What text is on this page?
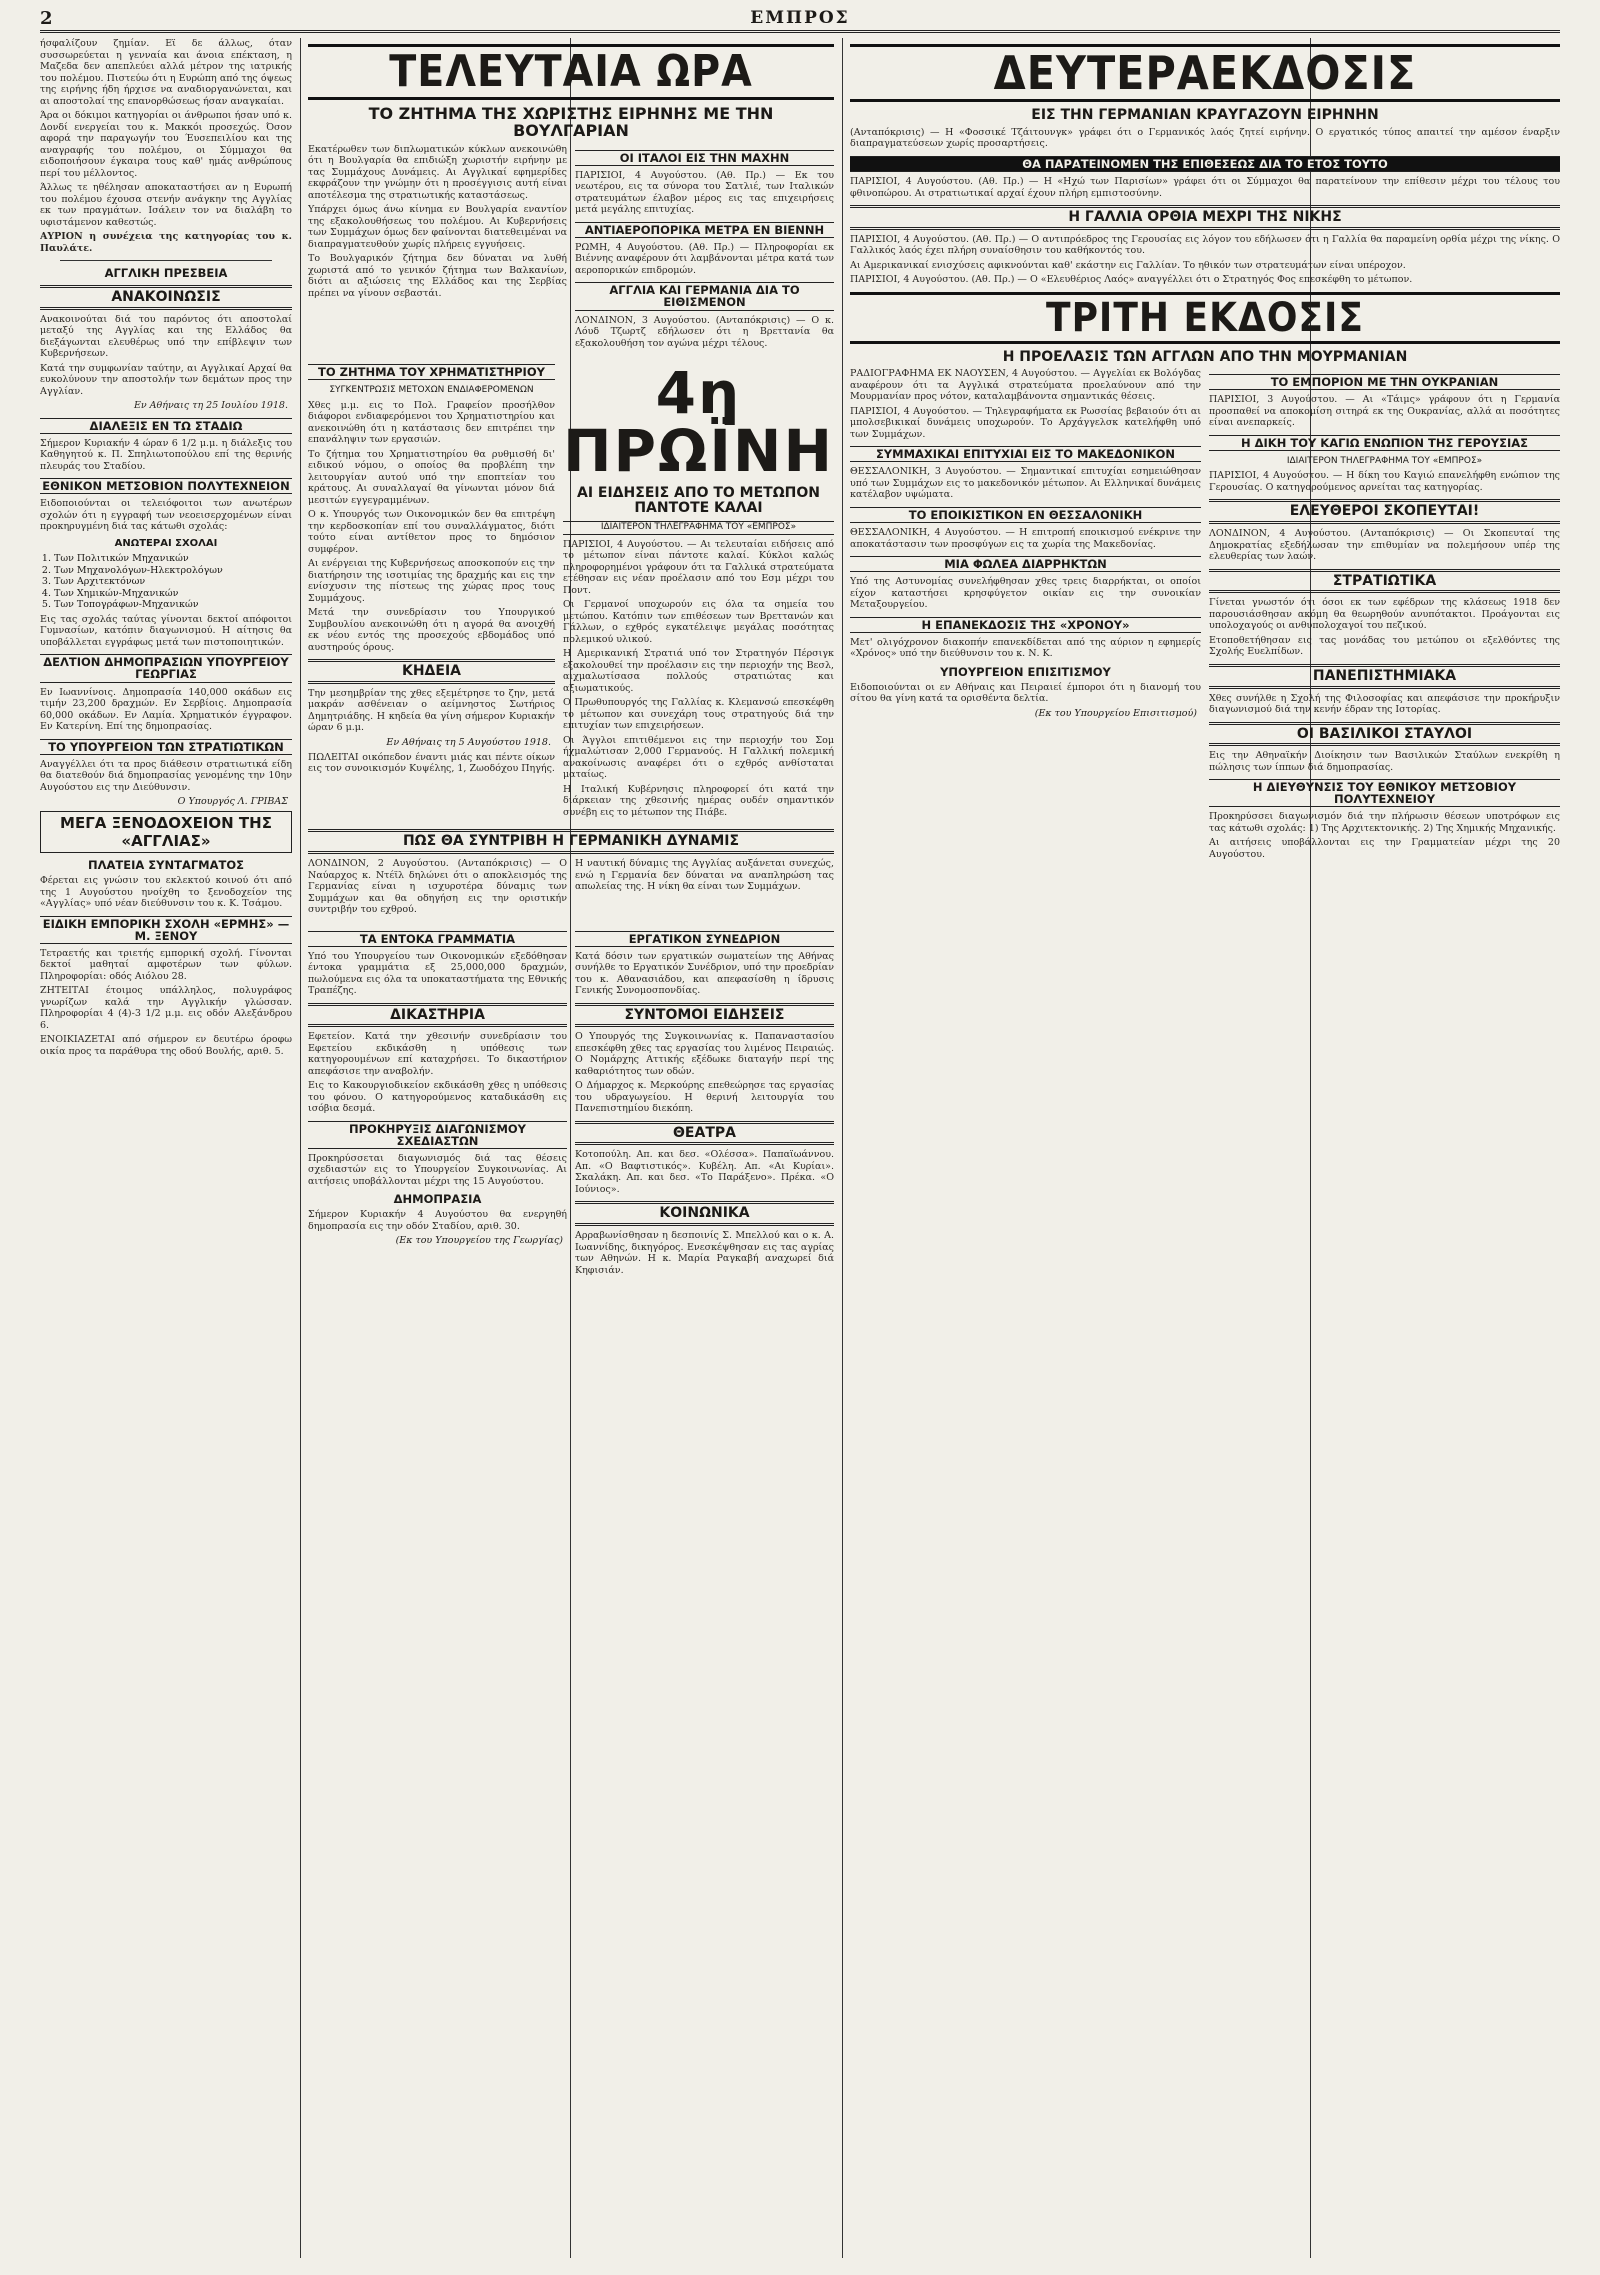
2	ΕΜΠΡΟΣ

ήσφαλίζουν ζημίαν. Εϊ δε άλλως, όταν συσσωρεύεται η γενναία και άνοια επέκταση, η Μαζεδα δεν απεπλεύει αλλά μέτρον της ιατρικής του πολέμου. Πιστεύω ότι η Ευρώπη από της όψεως της ειρήνης ήδη ήρχισε να αναδιοργανώνεται, και αι αποστολαί της επανορθώσεως ήσαν αναγκαίαι.

Άρα οι δόκιμοι κατηγορίαι οι άνθρωποι ήσαν υπό κ. Δονδί ενεργείαι του κ. Μακκόι προσεχώς. Όσον αφορά την παραγωγήν του Έυσεπειλίου και της αναγραφής του πολέμου, οι Σύμμαχοι θα ειδοποιήσουν έγκαιρα τους καθ' ημάς ανθρώπους περί του μέλλοντος.

Άλλως τε ηθέλησαν αποκαταστήσει αν η Ευρωπή του πολέμου έχουσα στενήν ανάγκην της Αγγλίας εκ των πραγμάτων. Ισάλειν τον να διαλάβη το υφιστάμενον καθεστώς.

ΑΥΡΙΟΝ η συνέχεια της κατηγορίας του κ. Παυλάτε.

ΑΓΓΛΙΚΗ ΠΡΕΣΒΕΙΑ
ΑΝΑΚΟΙΝΩΣΙΣ

Ανακοινούται διά του παρόντος ότι αποστολαί μεταξύ της Αγγλίας και της Ελλάδος θα διεξάγωνται ελευθέρως υπό την επίβλεψιν των Κυβερνήσεων.

Κατά την συμφωνίαν ταύτην, αι Αγγλικαί Αρχαί θα ευκολύνουν την αποστολήν των δεμάτων προς την Αγγλίαν.

Εν Αθήναις τη 25 Ιουλίου 1918.

ΔΙΑΛΕΞΙΣ ΕΝ ΤΩ ΣΤΑΔΙΩ

Σήμερον Κυριακήν 4 ώραν 6 1/2 μ.μ. η διάλεξις του Καθηγητού κ. Π. Σπηλιωτοπούλου επί της θερινής πλευράς του Σταδίου.

ΕΘΝΙΚΟΝ ΜΕΤΣΟΒΙΟΝ ΠΟΛΥΤΕΧΝΕΙΟΝ

Ειδοποιούνται οι τελειόφοιτοι των ανωτέρων σχολών ότι η εγγραφή των νεοεισερχομένων είναι προκηρυγμένη διά τας κάτωθι σχολάς:

ΑΝΩΤΕΡΑΙ ΣΧΟΛΑΙ
1. Των Πολιτικών Μηχανικών
2. Των Μηχανολόγων-Ηλεκτρολόγων
3. Των Αρχιτεκτόνων
4. Των Χημικών-Μηχανικών
5. Των Τοπογράφων-Μηχανικών

Εις τας σχολάς ταύτας γίνονται δεκτοί απόφοιτοι Γυμνασίων, κατόπιν διαγωνισμού. Η αίτησις θα υποβάλλεται εγγράφως μετά των πιστοποιητικών.

ΔΕΛΤΙΟΝ ΔΗΜΟΠΡΑΣΙΩΝ ΥΠΟΥΡΓΕΙΟΥ ΓΕΩΡΓΙΑΣ

Εν Ιωαννίνοις. Δημοπρασία 140,000 οκάδων εις τιμήν 23,200 δραχμών. Εν Σερβίοις. Δημοπρασία 60,000 οκάδων. Εν Λαμία. Χρηματικόν έγγραφον. Εν Κατερίνη. Επί της δημοπρασίας.

ΤΟ ΥΠΟΥΡΓΕΙΟΝ ΤΩΝ ΣΤΡΑΤΙΩΤΙΚΩΝ

Αναγγέλλει ότι τα προς διάθεσιν στρατιωτικά είδη θα διατεθούν διά δημοπρασίας γενομένης την 10ην Αυγούστου εις την Διεύθυνσιν.

Ο Υπουργός Λ. ΓΡΙΒΑΣ

ΜΕΓΑ ΞΕΝΟΔΟΧΕΙΟΝ ΤΗΣ «ΑΓΓΛΙΑΣ»
ΠΛΑΤΕΙΑ ΣΥΝΤΑΓΜΑΤΟΣ

Φέρεται εις γνώσιν του εκλεκτού κοινού ότι από της 1 Αυγούστου ηνοίχθη το ξενοδοχείον της «Αγγλίας» υπό νέαν διεύθυνσιν του κ. Κ. Τσάμου.

ΕΙΔΙΚΗ ΕΜΠΟΡΙΚΗ ΣΧΟΛΗ «ΕΡΜΗΣ» — Μ. ΞΕΝΟΥ

Τετραετής και τριετής εμπορική σχολή. Γίνονται δεκτοί μαθηταί αμφοτέρων των φύλων. Πληροφορίαι: οδός Αιόλου 28.

ΖΗΤΕΙΤΑΙ έτοιμος υπάλληλος, πολυγράφος γνωρίζων καλά την Αγγλικήν γλώσσαν. Πληροφορίαι 4 (4)-3 1/2 μ.μ. εις οδόν Αλεξάνδρου 6.

ΕΝΟΙΚΙΑΖΕΤΑΙ από σήμερον εν δευτέρω όροφω οικία προς τα παράθυρα της οδού Βουλής, αριθ. 5.

ΤΕΛΕΥΤΑΙΑ ΩΡΑ
ΤΟ ΖΗΤΗΜΑ ΤΗΣ ΧΩΡΙΣΤΗΣ ΕΙΡΗΝΗΣ ΜΕ ΤΗΝ ΒΟΥΛΓΑΡΙΑΝ

Εκατέρωθεν των διπλωματικών κύκλων ανεκοινώθη ότι η Βουλγαρία θα επιδιώξη χωριστήν ειρήνην με τας Συμμάχους Δυνάμεις. Αι Αγγλικαί εφημερίδες εκφράζουν την γνώμην ότι η προσέγγισις αυτή είναι αποτέλεσμα της στρατιωτικής καταστάσεως.

Υπάρχει όμως άνω κίνημα εν Βουλγαρία εναντίον της εξακολουθήσεως του πολέμου. Αι Κυβερνήσεις των Συμμάχων όμως δεν φαίνονται διατεθειμέναι να διαπραγματευθούν χωρίς πλήρεις εγγυήσεις.

Το Βουλγαρικόν ζήτημα δεν δύναται να λυθή χωριστά από το γενικόν ζήτημα των Βαλκανίων, διότι αι αξιώσεις της Ελλάδος και της Σερβίας πρέπει να γίνουν σεβαστάι.

ΟΙ ΙΤΑΛΟΙ ΕΙΣ ΤΗΝ ΜΑΧΗΝ

ΠΑΡΙΣΙΟΙ, 4 Αυγούστου. (Αθ. Πρ.) — Εκ του νεωτέρου, εις τα σύνορα του Σατλιέ, των Ιταλικών στρατευμάτων έλαβον μέρος εις τας επιχειρήσεις μετά μεγάλης επιτυχίας.

ΑΝΤΙΑΕΡΟΠΟΡΙΚΑ ΜΕΤΡΑ ΕΝ ΒΙΕΝΝΗ

ΡΩΜΗ, 4 Αυγούστου. (Αθ. Πρ.) — Πληροφορίαι εκ Βιέννης αναφέρουν ότι λαμβάνονται μέτρα κατά των αεροπορικών επιδρομών.

ΑΓΓΛΙΑ ΚΑΙ ΓΕΡΜΑΝΙΑ ΔΙΑ ΤΟ ΕΙΘΙΣΜΕΝΟΝ

ΛΟΝΔΙΝΟΝ, 3 Αυγούστου. (Ανταπόκρισις) — Ο κ. Λόυδ Τζωρτζ εδήλωσεν ότι η Βρεττανία θα εξακολουθήση τον αγώνα μέχρι τέλους.

ΤΟ ΖΗΤΗΜΑ ΤΟΥ ΧΡΗΜΑΤΙΣΤΗΡΙΟΥ
ΣΥΓΚΕΝΤΡΩΣΙΣ ΜΕΤΟΧΩΝ ΕΝΔΙΑΦΕΡΟΜΕΝΩΝ

Χθες μ.μ. εις το Πολ. Γραφείον προσήλθον διάφοροι ενδιαφερόμενοι του Χρηματιστηρίου και ανεκοινώθη ότι η κατάστασις δεν επιτρέπει την επανάληψιν των εργασιών.

Το ζήτημα του Χρηματιστηρίου θα ρυθμισθή δι' ειδικού νόμου, ο οποίος θα προβλέπη την λειτουργίαν αυτού υπό την εποπτείαν του κράτους. Αι συναλλαγαί θα γίνωνται μόνον διά μεσιτών εγγεγραμμένων.

Ο κ. Υπουργός των Οικονομικών δεν θα επιτρέψη την κερδοσκοπίαν επί του συναλλάγματος, διότι τούτο είναι αντίθετον προς το δημόσιον συμφέρον.

Αι ενέργειαι της Κυβερνήσεως αποσκοπούν εις την διατήρησιν της ισοτιμίας της δραχμής και εις την ενίσχυσιν της πίστεως της χώρας προς τους Συμμάχους.

Μετά την συνεδρίασιν του Υπουργικού Συμβουλίου ανεκοινώθη ότι η αγορά θα ανοιχθή εκ νέου εντός της προσεχούς εβδομάδος υπό αυστηρούς όρους.

ΚΗΔΕΙΑ

Την μεσημβρίαν της χθες εξεμέτρησε το ζην, μετά μακράν ασθένειαν ο αείμνηστος Σωτήριος Δημητριάδης. Η κηδεία θα γίνη σήμερον Κυριακήν ώραν 6 μ.μ.

Εν Αθήναις τη 5 Αυγούστου 1918.

ΠΩΛΕΙΤΑΙ οικόπεδον έναντι μιάς και πέντε οίκων εις τον συνοικισμόν Κυψέλης, 1, Ζωοδόχου Πηγής.

4η ΠΡΩΪΝΗ
ΑΙ ΕΙΔΗΣΕΙΣ ΑΠΟ ΤΟ ΜΕΤΩΠΟΝ ΠΑΝΤΟΤΕ ΚΑΛΑΙ
ΙΔΙΑΙΤΕΡΟΝ ΤΗΛΕΓΡΑΦΗΜΑ ΤΟΥ «ΕΜΠΡΟΣ»

ΠΑΡΙΣΙΟΙ, 4 Αυγούστου. — Αι τελευταίαι ειδήσεις από το μέτωπον είναι πάντοτε καλαί. Κύκλοι καλώς πληροφορημένοι γράφουν ότι τα Γαλλικά στρατεύματα ετέθησαν εις νέαν προέλασιν από του Εσμ μέχρι του Ποντ.

Οι Γερμανοί υποχωρούν εις όλα τα σημεία του μετώπου. Κατόπιν των επιθέσεων των Βρεττανών και Γάλλων, ο εχθρός εγκατέλειψε μεγάλας ποσότητας πολεμικού υλικού.

Η Αμερικανική Στρατιά υπό τον Στρατηγόν Πέρσιγκ εξακολουθεί την προέλασιν εις την περιοχήν της Βεσλ, αιχμαλωτίσασα πολλούς στρατιώτας και αξιωματικούς.

Ο Πρωθυπουργός της Γαλλίας κ. Κλεμανσώ επεσκέφθη το μέτωπον και συνεχάρη τους στρατηγούς διά την επιτυχίαν των επιχειρήσεων.

Οι Άγγλοι επιτιθέμενοι εις την περιοχήν του Σομ ήχμαλώτισαν 2,000 Γερμανούς. Η Γαλλική πολεμική ανακοίνωσις αναφέρει ότι ο εχθρός ανθίσταται ματαίως.

Η Ιταλική Κυβέρνησις πληροφορεί ότι κατά την διάρκειαν της χθεσινής ημέρας ουδέν σημαντικόν συνέβη εις το μέτωπον της Πιάβε.

ΠΩΣ ΘΑ ΣΥΝΤΡΙΒΗ Η ΓΕΡΜΑΝΙΚΗ ΔΥΝΑΜΙΣ

ΛΟΝΔΙΝΟΝ, 2 Αυγούστου. (Ανταπόκρισις) — Ο Ναύαρχος κ. Ντέϊλ δηλώνει ότι ο αποκλεισμός της Γερμανίας είναι η ισχυροτέρα δύναμις των Συμμάχων και θα οδηγήση εις την οριστικήν συντριβήν του εχθρού.

Η ναυτική δύναμις της Αγγλίας αυξάνεται συνεχώς, ενώ η Γερμανία δεν δύναται να αναπληρώση τας απωλείας της. Η νίκη θα είναι των Συμμάχων.

ΤΑ ΕΝΤΟΚΑ ΓΡΑΜΜΑΤΙΑ

Υπό του Υπουργείου των Οικονομικών εξεδόθησαν έντοκα γραμμάτια εξ 25,000,000 δραχμών, πωλούμενα εις όλα τα υποκαταστήματα της Εθνικής Τραπέζης.

ΔΙΚΑΣΤΗΡΙΑ

Εφετείον. Κατά την χθεσινήν συνεδρίασιν του Εφετείου εκδικάσθη η υπόθεσις των κατηγορουμένων επί καταχρήσει. Το δικαστήριον απεφάσισε την αναβολήν.

Εις το Κακουργιοδικείον εκδικάσθη χθες η υπόθεσις του φόνου. Ο κατηγορούμενος καταδικάσθη εις ισόβια δεσμά.

ΠΡΟΚΗΡΥΞΙΣ ΔΙΑΓΩΝΙΣΜΟΥ ΣΧΕΔΙΑΣΤΩΝ

Προκηρύσσεται διαγωνισμός διά τας θέσεις σχεδιαστών εις το Υπουργείον Συγκοινωνίας. Αι αιτήσεις υποβάλλονται μέχρι της 15 Αυγούστου.

ΔΗΜΟΠΡΑΣΙΑ

Σήμερον Κυριακήν 4 Αυγούστου θα ενεργηθή δημοπρασία εις την οδόν Σταδίου, αριθ. 30.

(Εκ του Υπουργείου της Γεωργίας)

ΕΡΓΑΤΙΚΟΝ ΣΥΝΕΔΡΙΟΝ

Κατά δόσιν των εργατικών σωματείων της Αθήνας συνήλθε το Εργατικόν Συνέδριον, υπό την προεδρίαν του κ. Αθανασιάδου, και απεφασίσθη η ίδρυσις Γενικής Συνομοσπονδίας.

ΣΥΝΤΟΜΟΙ ΕΙΔΗΣΕΙΣ

Ο Υπουργός της Συγκοινωνίας κ. Παπαναστασίου επεσκέφθη χθες τας εργασίας του λιμένος Πειραιώς. Ο Νομάρχης Αττικής εξέδωκε διαταγήν περί της καθαριότητος των οδών.

Ο Δήμαρχος κ. Μερκούρης επεθεώρησε τας εργασίας του υδραγωγείου. Η θερινή λειτουργία του Πανεπιστημίου διεκόπη.

ΘΕΑΤΡΑ

Κοτοπούλη. Απ. και δεσ. «Ολέσσα». Παπαϊωάννου. Απ. «Ο Βαφτιστικός». Κυβέλη. Απ. «Αι Κυρίαι». Σκαλάκη. Απ. και δεσ. «Το Παράξενο». Πρέκα. «Ο Ιούνιος».

ΚΟΙΝΩΝΙΚΑ

Αρραβωνίσθησαν η δεσποινίς Σ. Μπελλού και ο κ. Α. Ιωαννίδης, δικηγόρος. Ενεσκέψθησαν εις τας αγρίας των Αθηνών. Η κ. Μαρία Ραγκαβή αναχωρεί διά Κηφισιάν.

ΔΕΥΤΕΡΑΕΚΔΟΣΙΣ
ΕΙΣ ΤΗΝ ΓΕΡΜΑΝΙΑΝ ΚΡΑΥΓΑΖΟΥΝ ΕΙΡΗΝΗΝ

(Ανταπόκρισις) — Η «Φοσσικέ Τζάιτουνγκ» γράφει ότι ο Γερμανικός λαός ζητεί ειρήνην. Ο εργατικός τύπος απαιτεί την αμέσον έναρξιν διαπραγματεύσεων χωρίς προσαρτήσεις.

ΘΑ ΠΑΡΑΤΕΙΝΟΜΕΝ ΤΗΣ ΕΠΙΘΕΣΕΩΣ ΔΙΑ ΤΟ ΕΤΟΣ ΤΟΥΤΟ

ΠΑΡΙΣΙΟΙ, 4 Αυγούστου. (Αθ. Πρ.) — Η «Ηχώ των Παρισίων» γράφει ότι οι Σύμμαχοι θα παρατείνουν την επίθεσιν μέχρι του τέλους του φθινοπώρου. Αι στρατιωτικαί αρχαί έχουν πλήρη εμπιστοσύνην.

Η ΓΑΛΛΙΑ ΟΡΘΙΑ ΜΕΧΡΙ ΤΗΣ ΝΙΚΗΣ

ΠΑΡΙΣΙΟΙ, 4 Αυγούστου. (Αθ. Πρ.) — Ο αντιπρόεδρος της Γερουσίας εις λόγον του εδήλωσεν ότι η Γαλλία θα παραμείνη ορθία μέχρι της νίκης. Ο Γαλλικός λαός έχει πλήρη συναίσθησιν του καθήκοντός του.

Αι Αμερικανικαί ενισχύσεις αφικνούνται καθ' εκάστην εις Γαλλίαν. Το ηθικόν των στρατευμάτων είναι υπέροχον.

ΠΑΡΙΣΙΟΙ, 4 Αυγούστου. (Αθ. Πρ.) — Ο «Ελευθέριος Λαός» αναγγέλλει ότι ο Στρατηγός Φος επεσκέφθη το μέτωπον.

ΤΡΙΤΗ ΕΚΔΟΣΙΣ
Η ΠΡΟΕΛΑΣΙΣ ΤΩΝ ΑΓΓΛΩΝ ΑΠΟ ΤΗΝ ΜΟΥΡΜΑΝΙΑΝ

ΡΑΔΙΟΓΡΑΦΗΜΑ ΕΚ ΝΑΟΥΣΕΝ, 4 Αυγούστου. — Αγγελίαι εκ Βολόγδας αναφέρουν ότι τα Αγγλικά στρατεύματα προελαύνουν από την Μουρμανίαν προς νότον, καταλαμβάνοντα σημαντικάς θέσεις.

ΠΑΡΙΣΙΟΙ, 4 Αυγούστου. — Τηλεγραφήματα εκ Ρωσσίας βεβαιούν ότι αι μπολσεβικικαί δυνάμεις υποχωρούν. Το Αρχάγγελσκ κατελήφθη υπό των Συμμάχων.

ΣΥΜΜΑΧΙΚΑΙ ΕΠΙΤΥΧΙΑΙ ΕΙΣ ΤΟ ΜΑΚΕΔΟΝΙΚΟΝ

ΘΕΣΣΑΛΟΝΙΚΗ, 3 Αυγούστου. — Σημαντικαί επιτυχίαι εσημειώθησαν υπό των Συμμάχων εις το μακεδονικόν μέτωπον. Αι Ελληνικαί δυνάμεις κατέλαβον υψώματα.

ΤΟ ΕΠΟΙΚΙΣΤΙΚΟΝ ΕΝ ΘΕΣΣΑΛΟΝΙΚΗ

ΘΕΣΣΑΛΟΝΙΚΗ, 4 Αυγούστου. — Η επιτροπή εποικισμού ενέκρινε την αποκατάστασιν των προσφύγων εις τα χωρία της Μακεδονίας.

ΜΙΑ ΦΩΛΕΑ ΔΙΑΡΡΗΚΤΩΝ

Υπό της Αστυνομίας συνελήφθησαν χθες τρεις διαρρήκται, οι οποίοι είχον καταστήσει κρησφύγετον οικίαν εις την συνοικίαν Μεταξουργείου.

Η ΕΠΑΝΕΚΔΟΣΙΣ ΤΗΣ «ΧΡΟΝΟΥ»

Μετ' ολιγόχρονον διακοπήν επανεκδίδεται από της αύριον η εφημερίς «Χρόνος» υπό την διεύθυνσιν του κ. Ν. Κ.

ΥΠΟΥΡΓΕΙΟΝ ΕΠΙΣΙΤΙΣΜΟΥ

Ειδοποιούνται οι εν Αθήναις και Πειραιεί έμποροι ότι η διανομή του σίτου θα γίνη κατά τα ορισθέντα δελτία.

(Εκ του Υπουργείου Επισιτισμού)

ΤΟ ΕΜΠΟΡΙΟΝ ΜΕ ΤΗΝ ΟΥΚΡΑΝΙΑΝ

ΠΑΡΙΣΙΟΙ, 3 Αυγούστου. — Αι «Τάιμς» γράφουν ότι η Γερμανία προσπαθεί να αποκομίση σιτηρά εκ της Ουκρανίας, αλλά αι ποσότητες είναι ανεπαρκείς.

Η ΔΙΚΗ ΤΟΥ ΚΑΓΙΩ ΕΝΩΠΙΟΝ ΤΗΣ ΓΕΡΟΥΣΙΑΣ
ΙΔΙΑΙΤΕΡΟΝ ΤΗΛΕΓΡΑΦΗΜΑ ΤΟΥ «ΕΜΠΡΟΣ»

ΠΑΡΙΣΙΟΙ, 4 Αυγούστου. — Η δίκη του Καγιώ επανελήφθη ενώπιον της Γερουσίας. Ο κατηγορούμενος αρνείται τας κατηγορίας.

ΕΛΕΥΘΕΡΟΙ ΣΚΟΠΕΥΤΑΙ!

ΛΟΝΔΙΝΟΝ, 4 Αυγούστου. (Ανταπόκρισις) — Οι Σκοπευταί της Δημοκρατίας εξεδήλωσαν την επιθυμίαν να πολεμήσουν υπέρ της ελευθερίας των λαών.

ΣΤΡΑΤΙΩΤΙΚΑ

Γίνεται γνωστόν ότι όσοι εκ των εφέδρων της κλάσεως 1918 δεν παρουσιάσθησαν ακόμη θα θεωρηθούν ανυπότακτοι. Προάγονται εις υπολοχαγούς οι ανθυπολοχαγοί του πεζικού.

Ετοποθετήθησαν εις τας μονάδας του μετώπου οι εξελθόντες της Σχολής Ευελπίδων.

ΠΑΝΕΠΙΣΤΗΜΙΑΚΑ

Χθες συνήλθε η Σχολή της Φιλοσοφίας και απεφάσισε την προκήρυξιν διαγωνισμού διά την κενήν έδραν της Ιστορίας.

ΟΙ ΒΑΣΙΛΙΚΟΙ ΣΤΑΥΛΟΙ

Εις την Αθηναϊκήν Διοίκησιν των Βασιλικών Σταύλων ενεκρίθη η πώλησις των ίππων διά δημοπρασίας.

Η ΔΙΕΥΘΥΝΣΙΣ ΤΟΥ ΕΘΝΙΚΟΥ ΜΕΤΣΟΒΙΟΥ ΠΟΛΥΤΕΧΝΕΙΟΥ

Προκηρύσσει διαγωνισμόν διά την πλήρωσιν θέσεων υποτρόφων εις τας κάτωθι σχολάς: 1) Της Αρχιτεκτονικής. 2) Της Χημικής Μηχανικής.

Αι αιτήσεις υποβάλλονται εις την Γραμματείαν μέχρι της 20 Αυγούστου.
